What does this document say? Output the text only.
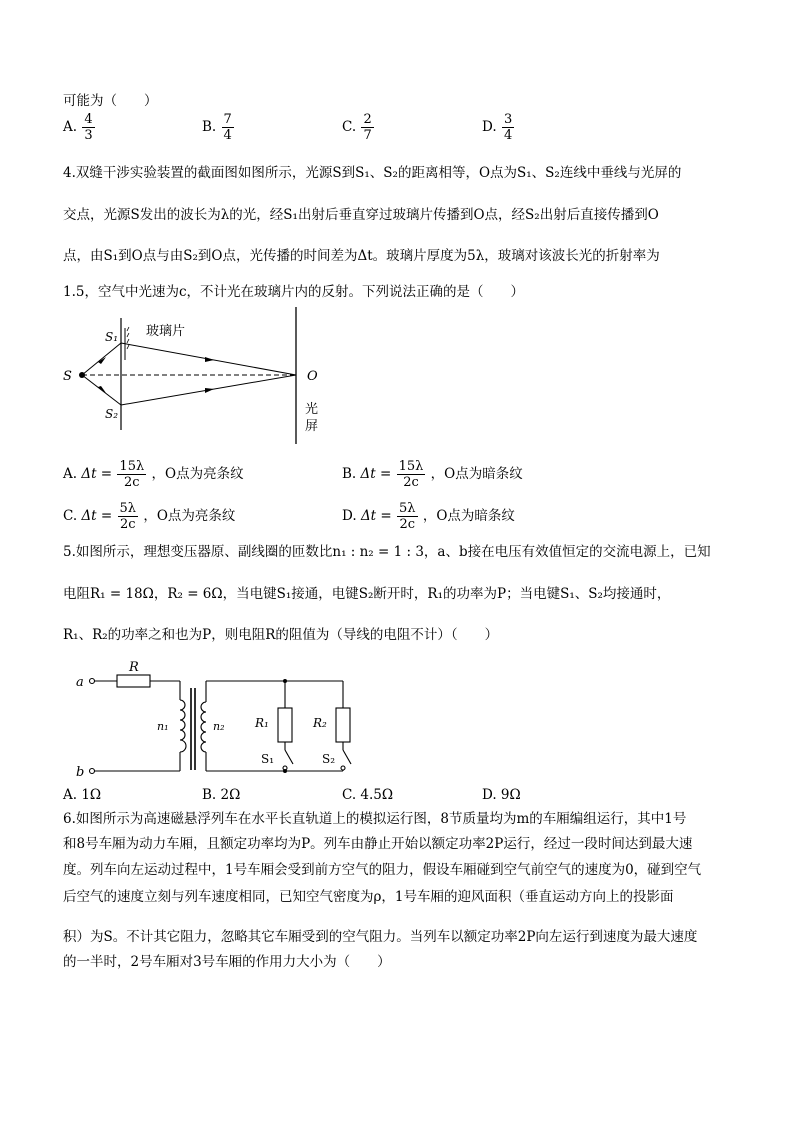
可能为（　　）
A. $\frac{4}{3}$	B. $\frac{7}{4}$	C. $\frac{2}{7}$	D. $\frac{3}{4}$
4.双缝干涉实验装置的截面图如图所示，光源S到S₁、S₂的距离相等，O点为S₁、S₂连线中垂线与光屏的
交点，光源S发出的波长为λ的光，经S₁出射后垂直穿过玻璃片传播到O点，经S₂出射后直接传播到O
点，由S₁到O点与由S₂到O点，光传播的时间差为Δt。玻璃片厚度为5λ，玻璃对该波长光的折射率为
1.5，空气中光速为c，不计光在玻璃片内的反射。下列说法正确的是（　　）
玻璃片
S₁
S₂
S	O
光
屏
A. $\Delta t = \frac{15\lambda}{2c}$ ，O点为亮条纹	B. $\Delta t = \frac{15\lambda}{2c}$ ，O点为暗条纹
C. $\Delta t = \frac{5\lambda}{2c}$ ，O点为亮条纹	D. $\Delta t = \frac{5\lambda}{2c}$ ，O点为暗条纹
5.如图所示，理想变压器原、副线圈的匝数比n₁ : n₂ = 1 : 3，a、b接在电压有效值恒定的交流电源上，已知
电阻R₁ = 18Ω，R₂ = 6Ω，当电键S₁接通，电键S₂断开时，R₁的功率为P；当电键S₁、S₂均接通时，
R₁、R₂的功率之和也为P，则电阻R的阻值为（导线的电阻不计）（　　）
a
b
R
n₁	n₂	R₁	R₂
S₁	S₂
A. 1Ω	B. 2Ω	C. 4.5Ω	D. 9Ω
6.如图所示为高速磁悬浮列车在水平长直轨道上的模拟运行图，8节质量均为m的车厢编组运行，其中1号
和8号车厢为动力车厢，且额定功率均为P。列车由静止开始以额定功率2P运行，经过一段时间达到最大速
度。列车向左运动过程中，1号车厢会受到前方空气的阻力，假设车厢碰到空气前空气的速度为0，碰到空气
后空气的速度立刻与列车速度相同，已知空气密度为ρ，1号车厢的迎风面积（垂直运动方向上的投影面
积）为S。不计其它阻力，忽略其它车厢受到的空气阻力。当列车以额定功率2P向左运行到速度为最大速度
的一半时，2号车厢对3号车厢的作用力大小为（　　）
